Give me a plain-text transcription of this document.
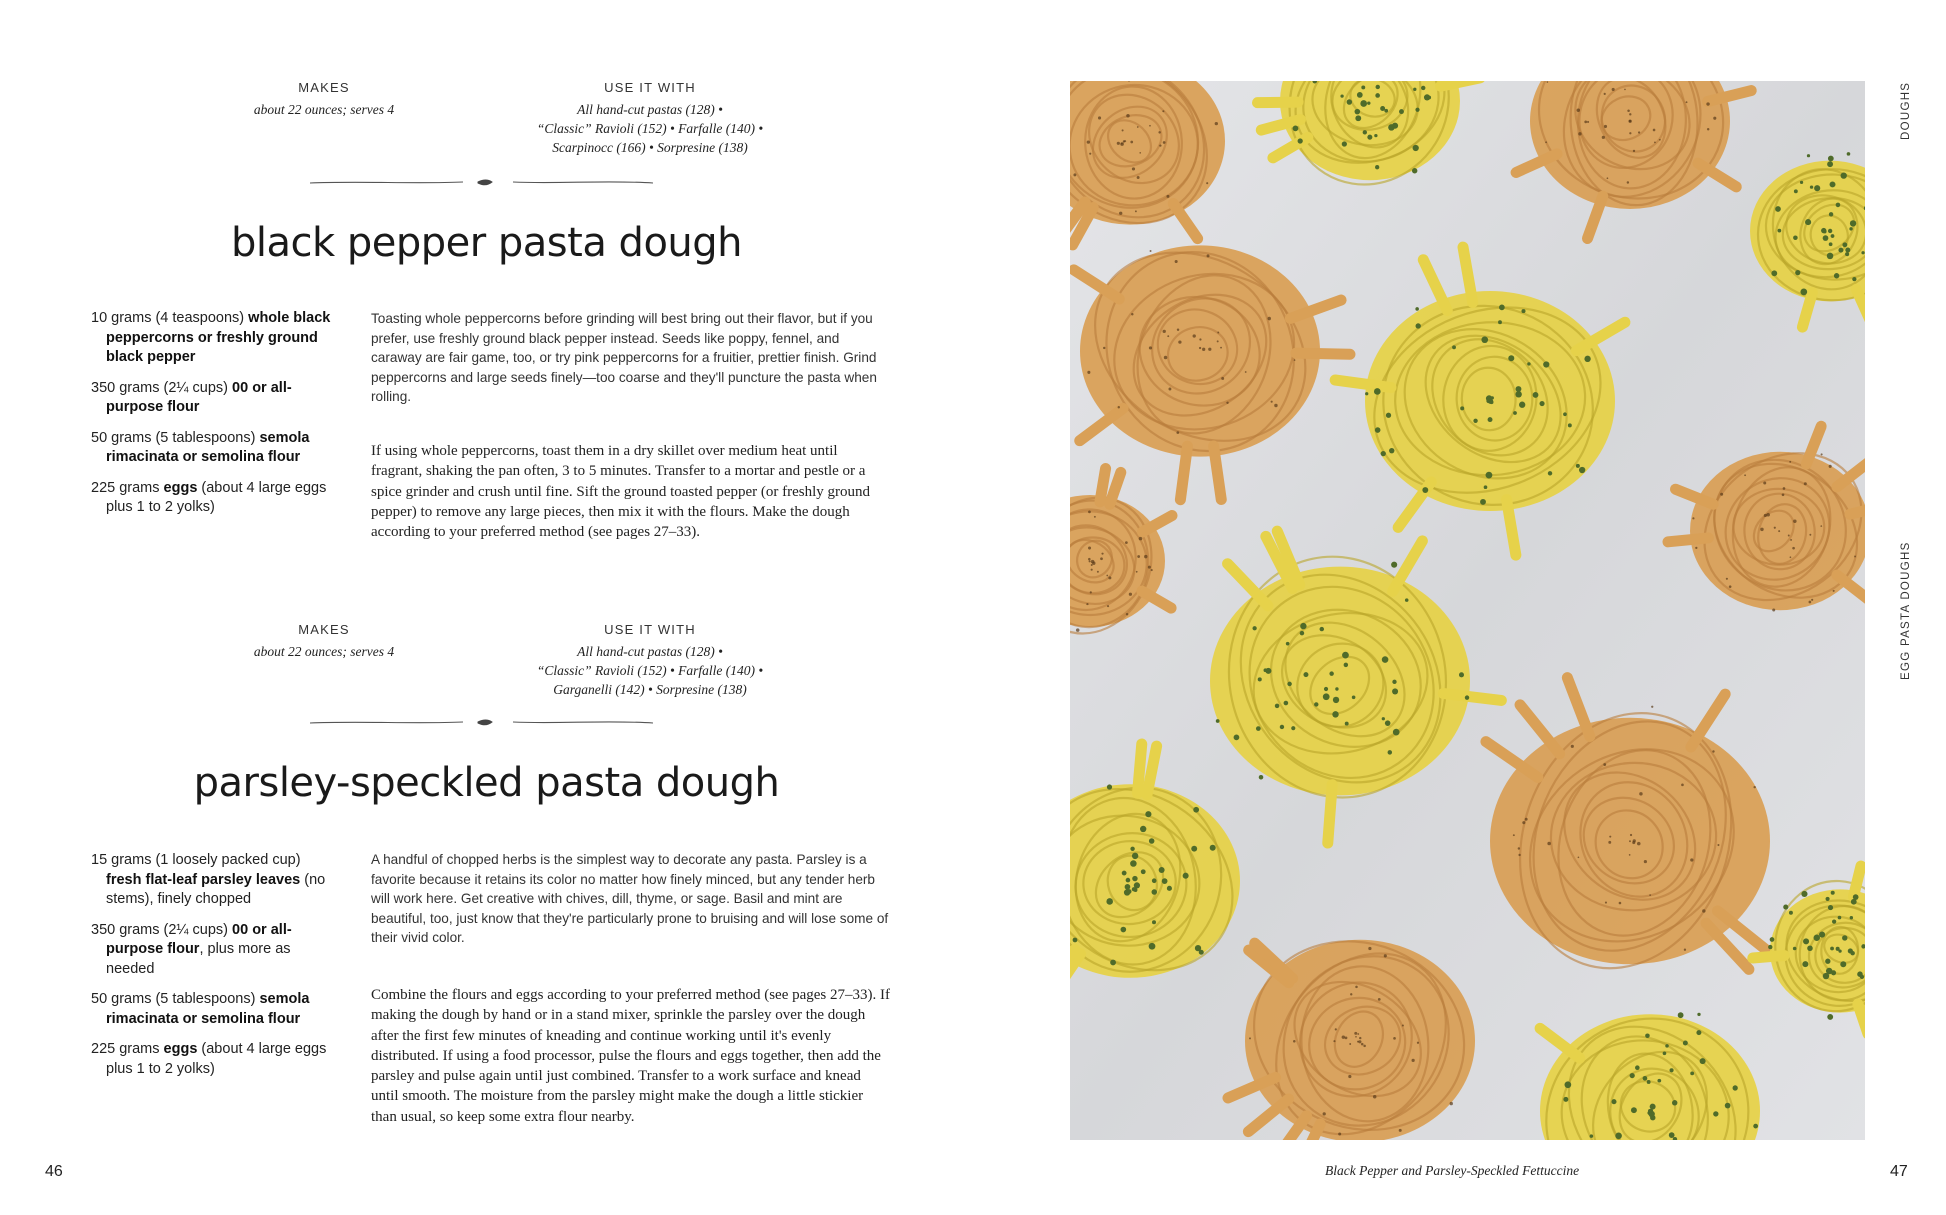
MAKES
about 22 ounces; serves 4
USE IT WITH
All hand-cut pastas (128) •
“Classic” Ravioli (152) • Farfalle (140) •
Scarpinocc (166) • Sorpresine (138)
black pepper pasta dough
10 grams (4 teaspoons) whole black peppercorns or freshly ground black pepper
350 grams (2¼ cups) 00 or all-purpose flour
50 grams (5 tablespoons) semola rimacinata or semolina flour
225 grams eggs (about 4 large eggs plus 1 to 2 yolks)

Toasting whole peppercorns before grinding will best bring out their flavor, but if you prefer, use freshly ground black pepper instead. Seeds like poppy, fennel, and caraway are fair game, too, or try pink peppercorns for a fruitier, prettier finish. Grind peppercorns and large seeds finely—too coarse and they'll puncture the pasta when rolling.

If using whole peppercorns, toast them in a dry skillet over medium heat until fragrant, shaking the pan often, 3 to 5 minutes. Transfer to a mortar and pestle or a spice grinder and crush until fine. Sift the ground toasted pepper (or freshly ground pepper) to remove any large pieces, then mix it with the flours. Make the dough according to your preferred method (see pages 27–33).

MAKES
about 22 ounces; serves 4
USE IT WITH
All hand-cut pastas (128) •
“Classic” Ravioli (152) • Farfalle (140) •
Garganelli (142) • Sorpresine (138)
parsley-speckled pasta dough
15 grams (1 loosely packed cup) fresh flat-leaf parsley leaves (no stems), finely chopped
350 grams (2¼ cups) 00 or all-purpose flour, plus more as needed
50 grams (5 tablespoons) semola rimacinata or semolina flour
225 grams eggs (about 4 large eggs plus 1 to 2 yolks)

A handful of chopped herbs is the simplest way to decorate any pasta. Parsley is a favorite because it retains its color no matter how finely minced, but any tender herb will work here. Get creative with chives, dill, thyme, or sage. Basil and mint are beautiful, too, just know that they're particularly prone to bruising and will lose some of their vivid color.

Combine the flours and eggs according to your preferred method (see pages 27–33). If making the dough by hand or in a stand mixer, sprinkle the parsley over the dough after the first few minutes of kneading and continue working until it's evenly distributed. If using a food processor, pulse the flours and eggs together, then add the parsley and pulse again until just combined. Transfer to a work surface and knead until smooth. The moisture from the parsley might make the dough a little stickier than usual, so keep some extra flour nearby.

46
DOUGHS
EGG PASTA DOUGHS
Black Pepper and Parsley-Speckled Fettuccine	47
